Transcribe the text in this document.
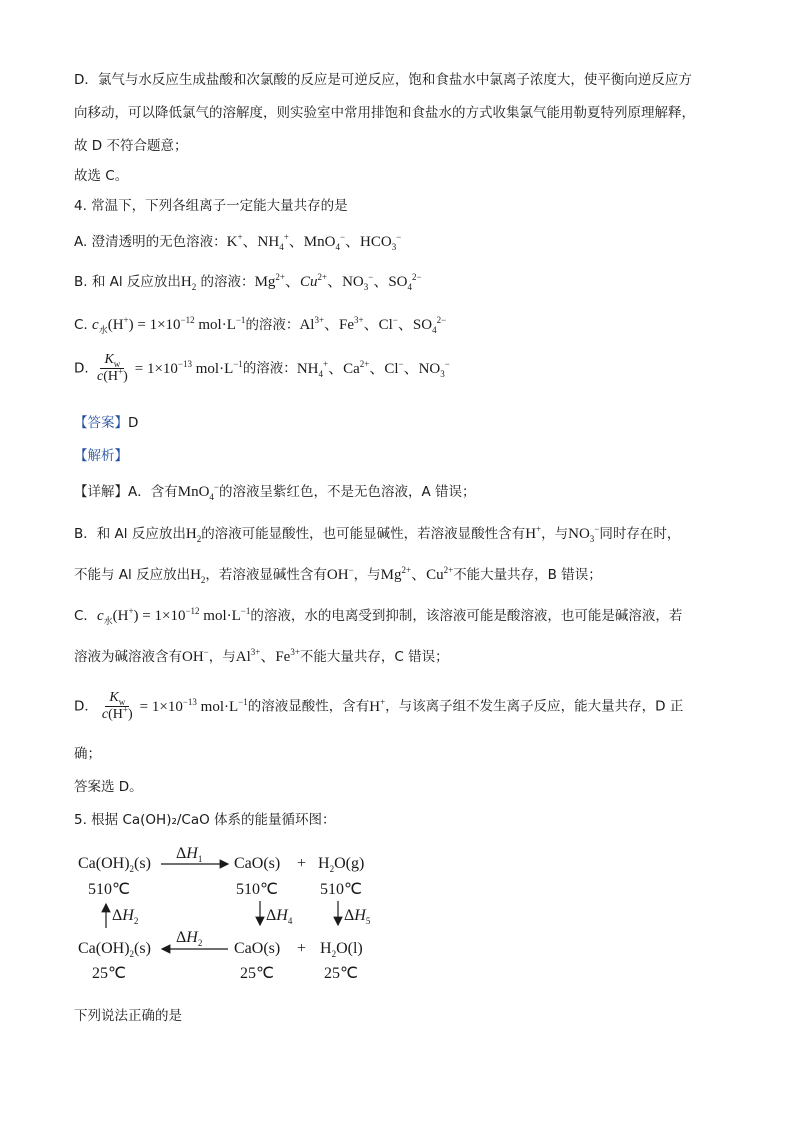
D．氯气与水反应生成盐酸和次氯酸的反应是可逆反应，饱和食盐水中氯离子浓度大，使平衡向逆反应方
向移动，可以降低氯气的溶解度，则实验室中常用排饱和食盐水的方式收集氯气能用勒夏特列原理解释，
故 D 不符合题意；
故选 C。
4. 常温下，下列各组离子一定能大量共存的是
A. 澄清透明的无色溶液：K+、$NH_4^+$、MnO$_4$−、$HCO_3^-$
B. 和 Al 反应放出$H_2$ 的溶液：$Mg^{2+}$、$Cu^{2+}$、$NO_3^-$、$SO_4^{2-}$
C. $c_水(H^+) = 1\times 10^{-12}$ $mol\cdot L^{-1}$的溶液：$Al^{3+}$、$Fe^{3+}$、Cl−、$SO_4^{2-}$
D. $\frac{K_w}{c(H^+)} = 1\times 10^{-13}$ $mol\cdot L^{-1}$的溶液：$NH_4^+$、$Ca^{2+}$、Cl−、$NO_3^-$
【答案】D
【解析】
【详解】A．含有MnO$_4$−的溶液呈紫红色，不是无色溶液，A 错误；
B．和 Al 反应放出$H_2$的溶液可能显酸性，也可能显碱性，若溶液显酸性含有H+，与$NO_3^-$同时存在时，
不能与 Al 反应放出$H_2$，若溶液显碱性含有OH−，与$Mg^{2+}$、$Cu^{2+}$不能大量共存，B 错误；
C．$c_水(H^+) = 1\times 10^{-12}$ $mol\cdot L^{-1}$的溶液，水的电离受到抑制，该溶液可能是酸溶液，也可能是碱溶液，若
溶液为碱溶液含有OH−，与$Al^{3+}$、$Fe^{3+}$不能大量共存，C 错误；
D． $\frac{K_w}{c(H^+)} = 1\times 10^{-13}$ $mol\cdot L^{-1}$的溶液显酸性，含有H+，与该离子组不发生离子反应，能大量共存，D 正
确；
答案选 D。
5. 根据 Ca(OH)₂/CaO 体系的能量循环图：
$Ca(OH)_2(s)$
$\Delta H_1$ $CaO(s) + H_2O(g)$
510℃	510℃	510℃
$\Delta H_2$	$\Delta H_4$	$\Delta H_5$
$\Delta H_2$
$Ca(OH)_2(s)$	$CaO(s) + H_2O(l)$
25℃	25℃	25℃
下列说法正确的是
